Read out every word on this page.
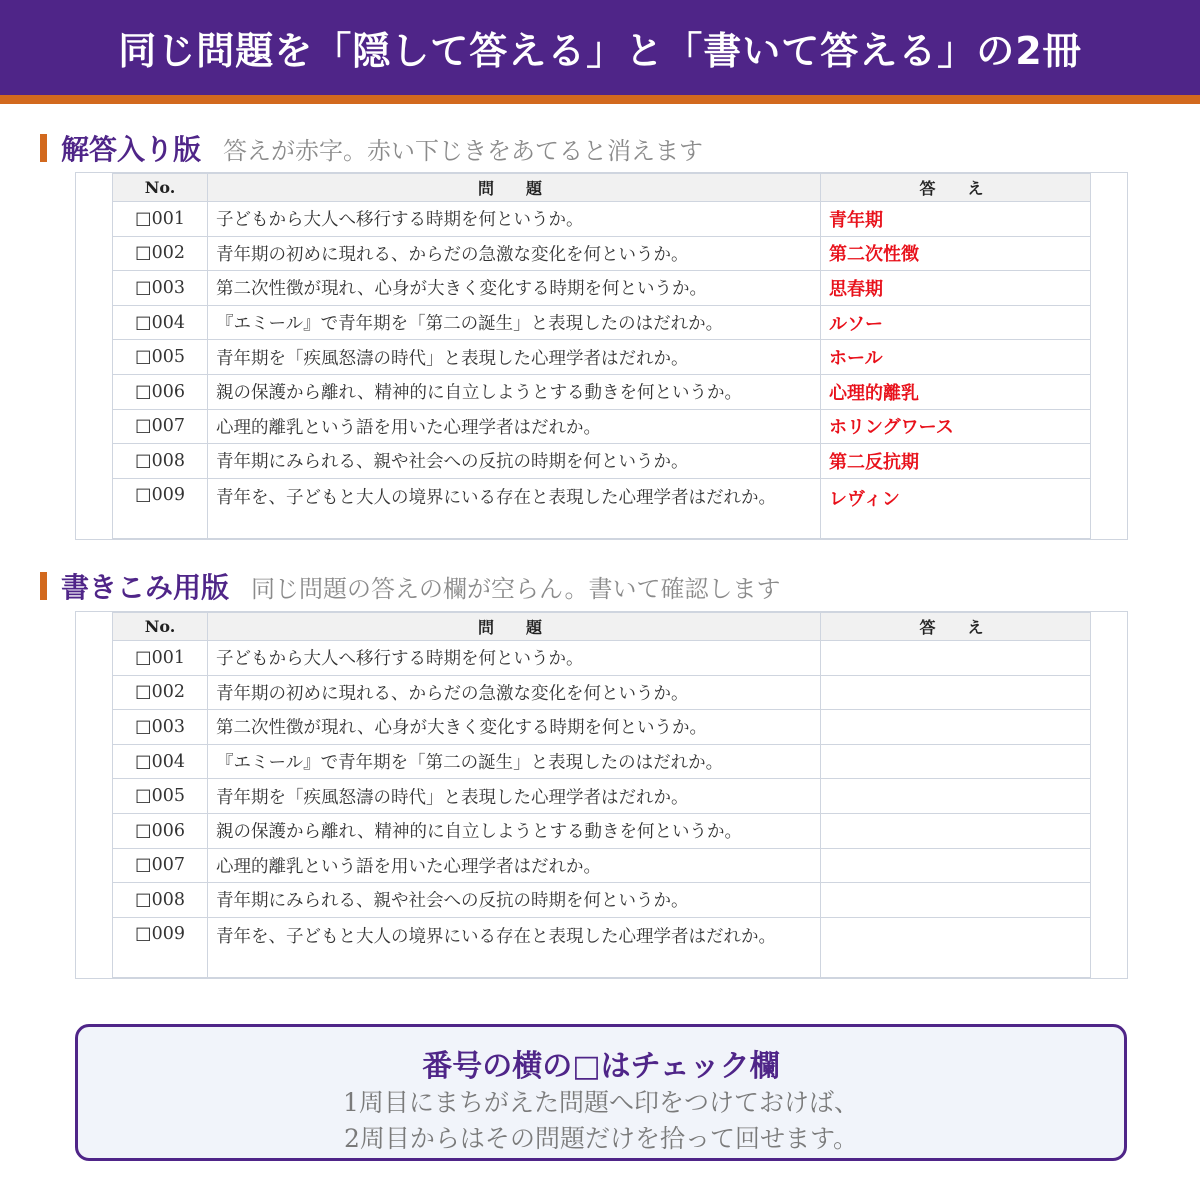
同じ問題を「隠して答える」と「書いて答える」の2冊
解答入り版 答えが赤字。赤い下じきをあてると消えます
No.	問　題	答　え
□001	子どもから大人へ移行する時期を何というか。	青年期
□002	青年期の初めに現れる、からだの急激な変化を何というか。	第二次性徴
□003	第二次性徴が現れ、心身が大きく変化する時期を何というか。	思春期
□004	『エミール』で青年期を「第二の誕生」と表現したのはだれか。	ルソー
□005	青年期を「疾風怒濤の時代」と表現した心理学者はだれか。	ホール
□006	親の保護から離れ、精神的に自立しようとする動きを何というか。	心理的離乳
□007	心理的離乳という語を用いた心理学者はだれか。	ホリングワース
□008	青年期にみられる、親や社会への反抗の時期を何というか。	第二反抗期
□009	青年を、子どもと大人の境界にいる存在と表現した心理学者はだれか。	レヴィン
書きこみ用版 同じ問題の答えの欄が空らん。書いて確認します
No.	問　題	答　え
□001	子どもから大人へ移行する時期を何というか。	
□002	青年期の初めに現れる、からだの急激な変化を何というか。	
□003	第二次性徴が現れ、心身が大きく変化する時期を何というか。	
□004	『エミール』で青年期を「第二の誕生」と表現したのはだれか。	
□005	青年期を「疾風怒濤の時代」と表現した心理学者はだれか。	
□006	親の保護から離れ、精神的に自立しようとする動きを何というか。	
□007	心理的離乳という語を用いた心理学者はだれか。	
□008	青年期にみられる、親や社会への反抗の時期を何というか。	
□009	青年を、子どもと大人の境界にいる存在と表現した心理学者はだれか。	
番号の横の□はチェック欄
1周目にまちがえた問題へ印をつけておけば、
2周目からはその問題だけを拾って回せます。
